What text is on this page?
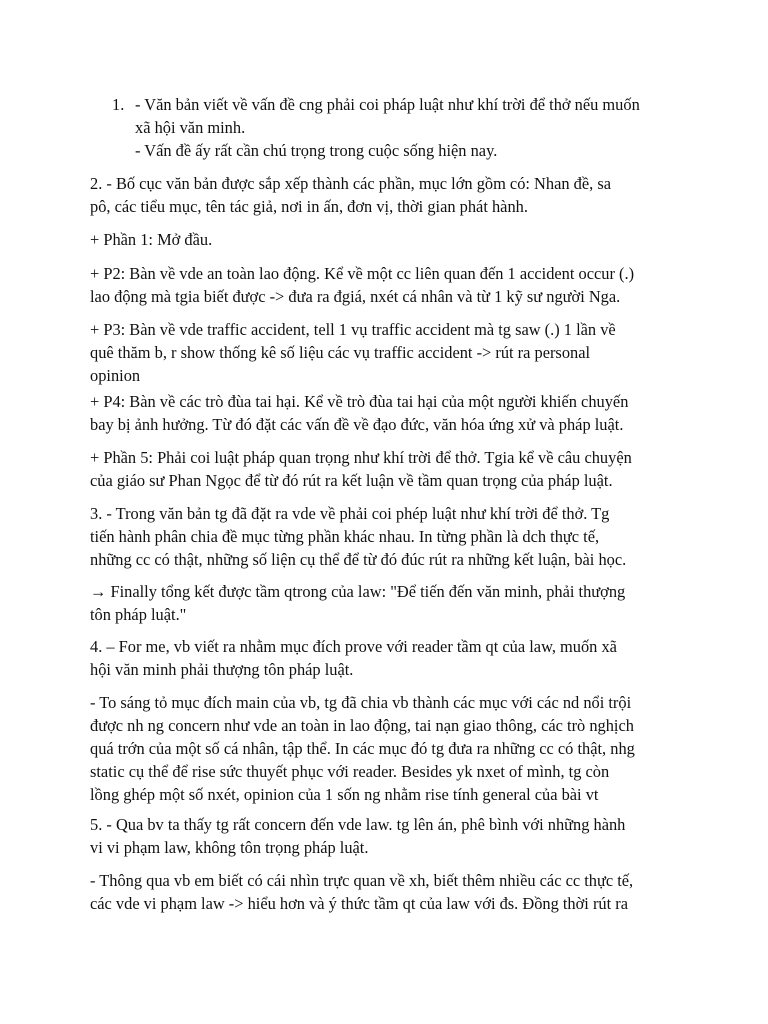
1. - Văn bản viết về vấn đề cng phải coi pháp luật như khí trời để thở nếu muốn
xã hội văn minh.
- Vấn đề ấy rất cần chú trọng trong cuộc sống hiện nay.
2. - Bố cục văn bản được sắp xếp thành các phần, mục lớn gồm có: Nhan đề, sa
pô, các tiểu mục, tên tác giả, nơi in ấn, đơn vị, thời gian phát hành.
+ Phần 1: Mở đầu.
+ P2: Bàn về vde an toàn lao động. Kể về một cc liên quan đến 1 accident occur (.)
lao động mà tgia biết được -> đưa ra đgiá, nxét cá nhân và từ 1 kỹ sư người Nga.
+ P3: Bàn về vde traffic accident, tell 1 vụ traffic accident mà tg saw (.) 1 lần về
quê thăm b, r show thống kê số liệu các vụ traffic accident -> rút ra personal
opinion
+ P4: Bàn về các trò đùa tai hại. Kể về trò đùa tai hại của một người khiến chuyến
bay bị ảnh hưởng. Từ đó đặt các vấn đề về đạo đức, văn hóa ứng xử và pháp luật.
+ Phần 5: Phải coi luật pháp quan trọng như khí trời để thở. Tgia kể về câu chuyện
của giáo sư Phan Ngọc để từ đó rút ra kết luận về tầm quan trọng của pháp luật.
3. - Trong văn bản tg đã đặt ra vde về phải coi phép luật như khí trời để thở. Tg
tiến hành phân chia đề mục từng phần khác nhau. In từng phần là dch thực tế,
những cc có thật, những số liện cụ thể để từ đó đúc rút ra những kết luận, bài học.
→ Finally tổng kết được tầm qtrong của law: "Để tiến đến văn minh, phải thượng
tôn pháp luật."
4. – For me, vb viết ra nhằm mục đích prove với reader tầm qt của law, muốn xã
hội văn minh phải thượng tôn pháp luật.
- To sáng tỏ mục đích main của vb, tg đã chia vb thành các mục với các nd nổi trội
được nh ng concern như vde an toàn in lao động, tai nạn giao thông, các trò nghịch
quá trớn của một số cá nhân, tập thể. In các mục đó tg đưa ra những cc có thật, nhg
static cụ thể để rise sức thuyết phục với reader. Besides yk nxet of mình, tg còn
lồng ghép một số nxét, opinion của 1 sốn ng nhằm rise tính general của bài vt
5. - Qua bv ta thấy tg rất concern đến vde law. tg lên án, phê bình với những hành
vi vi phạm law, không tôn trọng pháp luật.
- Thông qua vb em biết có cái nhìn trực quan về xh, biết thêm nhiều các cc thực tế,
các vde vi phạm law -> hiểu hơn và ý thức tầm qt của law với đs. Đồng thời rút ra
